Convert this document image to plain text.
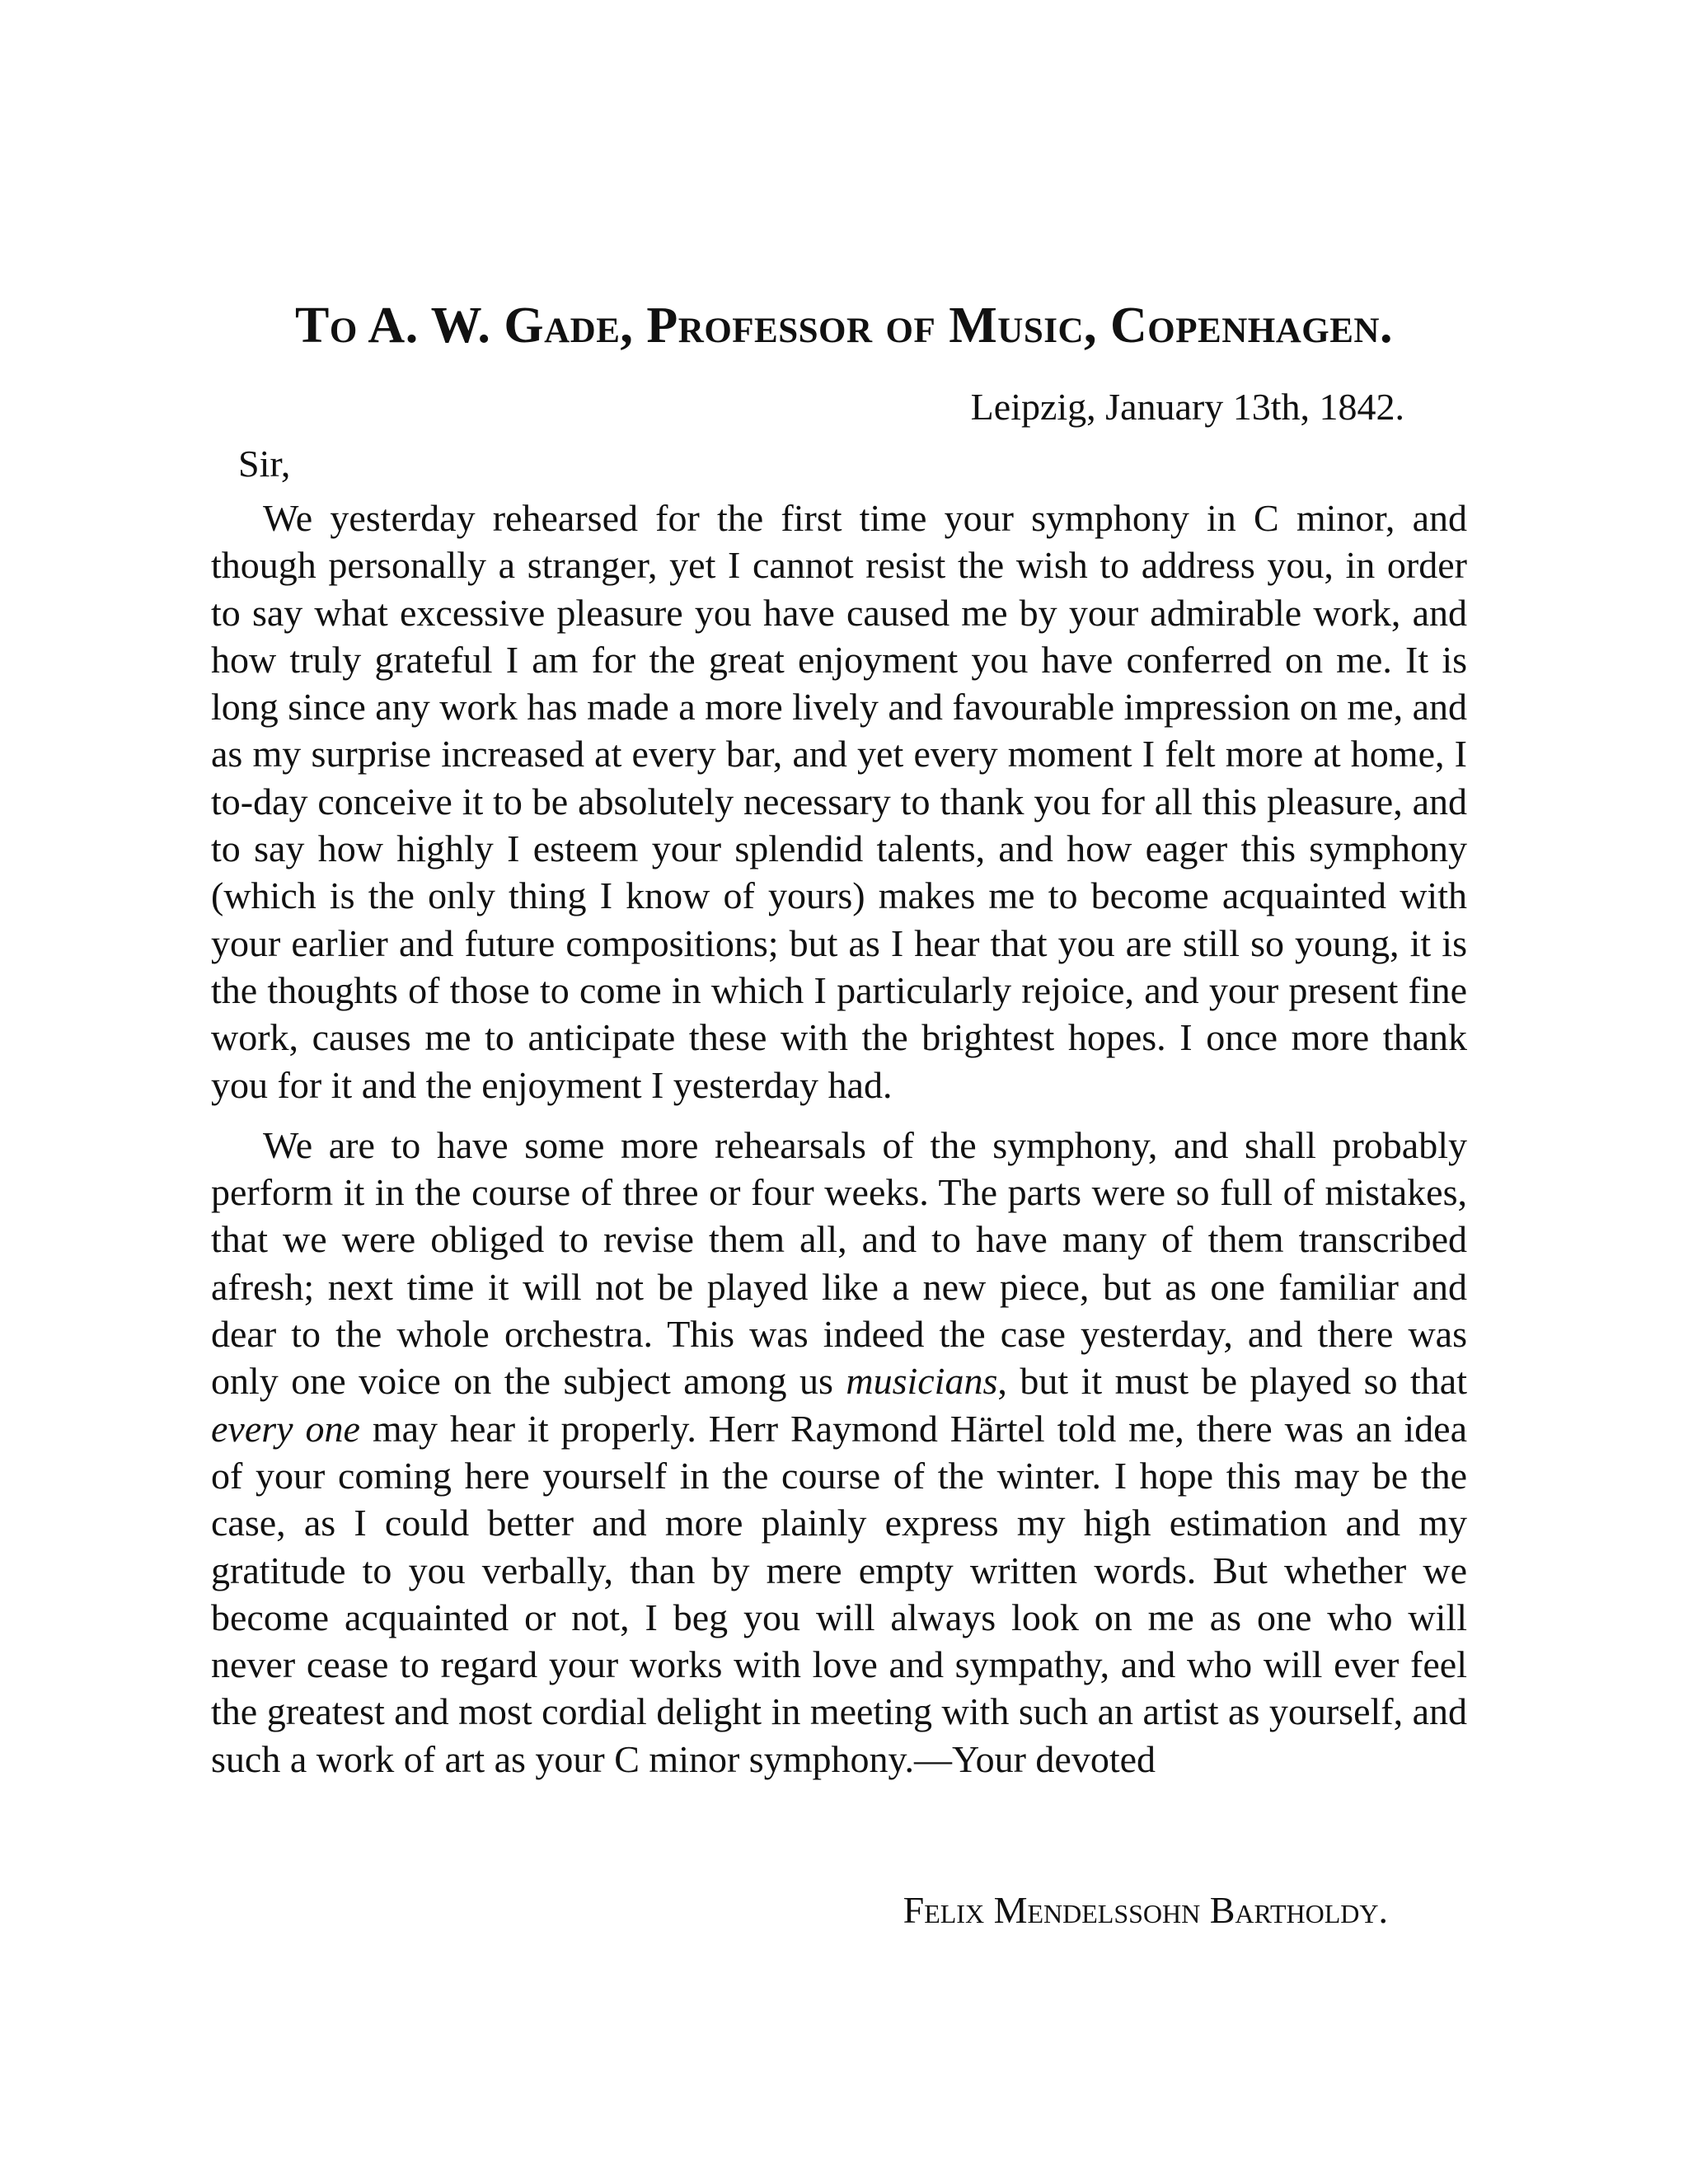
To A. W. Gade, Professor of Music, Copenhagen.
Leipzig, January 13th, 1842.
Sir,

We yesterday rehearsed for the first time your symphony in C minor, and though personally a stranger, yet I cannot resist the wish to address you, in order to say what excessive pleasure you have caused me by your admirable work, and how truly grateful I am for the great enjoyment you have conferred on me. It is long since any work has made a more lively and favourable impression on me, and as my surprise increased at every bar, and yet every moment I felt more at home, I to-day conceive it to be absolutely necessary to thank you for all this pleasure, and to say how highly I esteem your splendid talents, and how eager this symphony (which is the only thing I know of yours) makes me to become acquainted with your earlier and future compositions; but as I hear that you are still so young, it is the thoughts of those to come in which I particularly rejoice, and your present fine work, causes me to anticipate these with the brightest hopes. I once more thank you for it and the enjoyment I yesterday had.

We are to have some more rehearsals of the symphony, and shall probably perform it in the course of three or four weeks. The parts were so full of mistakes, that we were obliged to revise them all, and to have many of them transcribed afresh; next time it will not be played like a new piece, but as one familiar and dear to the whole orchestra. This was indeed the case yesterday, and there was only one voice on the subject among us musicians, but it must be played so that every one may hear it properly. Herr Raymond Härtel told me, there was an idea of your coming here yourself in the course of the winter. I hope this may be the case, as I could better and more plainly express my high estimation and my gratitude to you verbally, than by mere empty written words. But whether we become acquainted or not, I beg you will always look on me as one who will never cease to regard your works with love and sympathy, and who will ever feel the greatest and most cordial delight in meeting with such an artist as yourself, and such a work of art as your C minor symphony.—Your devoted

Felix Mendelssohn Bartholdy.
